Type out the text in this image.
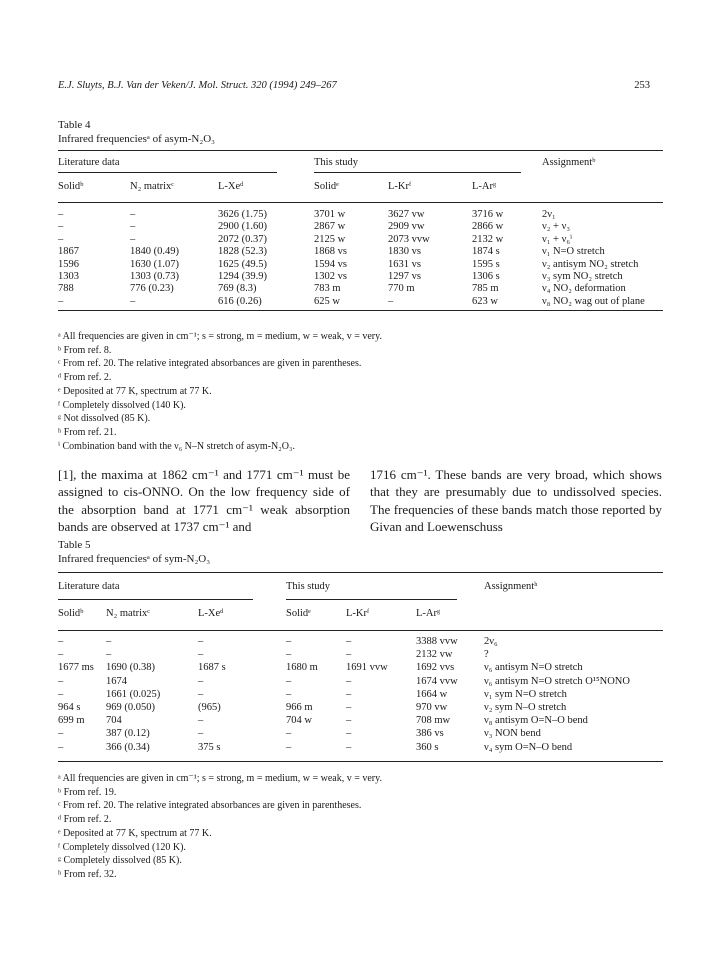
E.J. Sluyts, B.J. Van der Veken/J. Mol. Struct. 320 (1994) 249–267	253
Table 4
Infrared frequenciesᵃ of asym-N₂O₃
Literature data	This study	Assignmentᵇ
Solidᵇ	N₂ matrixᶜ	L-Xeᵈ	Solidᵉ	L-Krᶠ	L-Arᵍ
–	–	3626 (1.75)	3701 w	3627 vw	3716 w	2ν₁
–	–	2900 (1.60)	2867 w	2909 vw	2866 w	ν₂ + ν₃
–	–	2072 (0.37)	2125 w	2073 vvw	2132 w	ν₁ + ν₆ⁱ
1867	1840 (0.49)	1828 (52.3)	1868 vs	1830 vs	1874 s	ν₁ N=O stretch
1596	1630 (1.07)	1625 (49.5)	1594 vs	1631 vs	1595 s	ν₂ antisym NO₂ stretch
1303	1303 (0.73)	1294 (39.9)	1302 vs	1297 vs	1306 s	ν₃ sym NO₂ stretch
788	776 (0.23)	769 (8.3)	783 m	770 m	785 m	ν₄ NO₂ deformation
–	–	616 (0.26)	625 w	–	623 w	ν₈ NO₂ wag out of plane
ᵃ All frequencies are given in cm⁻¹; s = strong, m = medium, w = weak, v = very.
ᵇ From ref. 8.
ᶜ From ref. 20. The relative integrated absorbances are given in parentheses.
ᵈ From ref. 2.
ᵉ Deposited at 77 K, spectrum at 77 K.
ᶠ Completely dissolved (140 K).
ᵍ Not dissolved (85 K).
ʰ From ref. 21.
ⁱ Combination band with the ν₆ N–N stretch of asym-N₂O₃.
[1], the maxima at 1862 cm⁻¹ and 1771 cm⁻¹ must be assigned to cis-ONNO. On the low frequency side of the absorption band at 1771 cm⁻¹ weak absorption bands are observed at 1737 cm⁻¹ and
1716 cm⁻¹. These bands are very broad, which shows that they are presumably due to undissolved species. The frequencies of these bands match those reported by Givan and Loewenschuss
Table 5
Infrared frequenciesᵃ of sym-N₂O₃
Literature data	This study	Assignmentʰ
Solidᵇ N₂ matrixᶜ	L-Xeᵈ	Solidᵉ	L-Krᶠ	L-Arᵍ
–	–	–	–	–	3388 vvw	2ν₆
–	–	–	–	–	2132 vw	?
1677 ms 1690 (0.38)	1687 s	1680 m	1691 vvw	1692 vvs	ν₆ antisym N=O stretch
–	1674	–	–	–	1674 vvw	ν₆ antisym N=O stretch O¹⁵NONO
–	1661 (0.025)	–	–	–	1664 w	ν₁ sym N=O stretch
964 s 969 (0.050)	(965)	966 m	–	970 vw	ν₂ sym N–O stretch
699 m 704	–	704 w	–	708 mw	ν₈ antisym O=N–O bend
–	387 (0.12)	–	–	–	386 vs	ν₃ NON bend
–	366 (0.34)	375 s	–	–	360 s	ν₄ sym O=N–O bend
ᵃ All frequencies are given in cm⁻¹; s = strong, m = medium, w = weak, v = very.
ᵇ From ref. 19.
ᶜ From ref. 20. The relative integrated absorbances are given in parentheses.
ᵈ From ref. 2.
ᵉ Deposited at 77 K, spectrum at 77 K.
ᶠ Completely dissolved (120 K).
ᵍ Completely dissolved (85 K).
ʰ From ref. 32.
